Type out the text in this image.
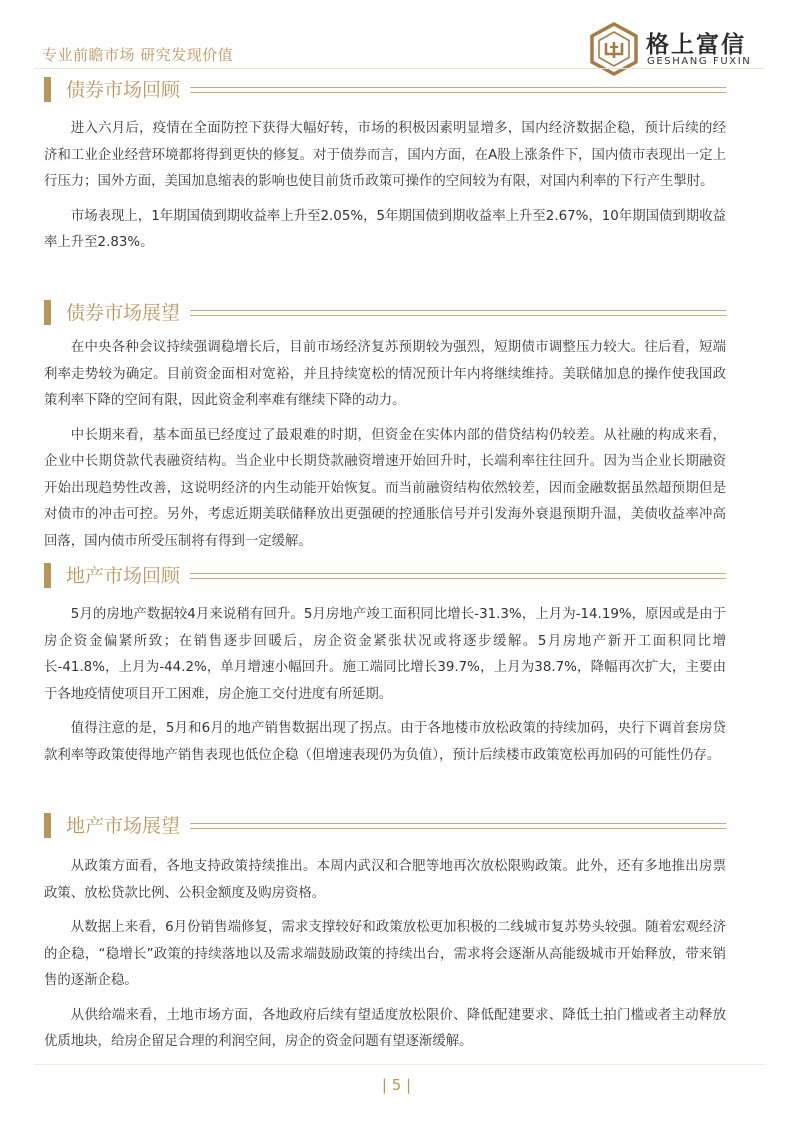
专业前瞻市场 研究发现价值	格上富信
GESHANG FUXIN
债券市场回顾

进入六月后，疫情在全面防控下获得大幅好转，市场的积极因素明显增多，国内经济数据企稳，预计后续的经济和工业企业经营环境都将得到更快的修复。对于债券而言，国内方面，在A股上涨条件下，国内债市表现出一定上行压力；国外方面，美国加息缩表的影响也使目前货币政策可操作的空间较为有限，对国内利率的下行产生掣肘。

市场表现上，1年期国债到期收益率上升至2.05%，5年期国债到期收益率上升至2.67%，10年期国债到期收益率上升至2.83%。

债券市场展望

在中央各种会议持续强调稳增长后，目前市场经济复苏预期较为强烈，短期债市调整压力较大。往后看，短端利率走势较为确定。目前资金面相对宽裕，并且持续宽松的情况预计年内将继续维持。美联储加息的操作使我国政策利率下降的空间有限，因此资金利率难有继续下降的动力。

中长期来看，基本面虽已经度过了最艰难的时期，但资金在实体内部的借贷结构仍较差。从社融的构成来看，企业中长期贷款代表融资结构。当企业中长期贷款融资增速开始回升时，长端利率往往回升。因为当企业长期融资开始出现趋势性改善，这说明经济的内生动能开始恢复。而当前融资结构依然较差，因而金融数据虽然超预期但是对债市的冲击可控。另外，考虑近期美联储释放出更强硬的控通胀信号并引发海外衰退预期升温，美债收益率冲高回落，国内债市所受压制将有得到一定缓解。

地产市场回顾

5月的房地产数据较4月来说稍有回升。5月房地产竣工面积同比增长-31.3%，上月为-14.19%，原因或是由于房企资金偏紧所致；在销售逐步回暖后，房企资金紧张状况或将逐步缓解。5月房地产新开工面积同比增长-41.8%，上月为-44.2%，单月增速小幅回升。施工端同比增长39.7%，上月为38.7%，降幅再次扩大，主要由于各地疫情使项目开工困难，房企施工交付进度有所延期。

值得注意的是，5月和6月的地产销售数据出现了拐点。由于各地楼市放松政策的持续加码，央行下调首套房贷款利率等政策使得地产销售表现也低位企稳（但增速表现仍为负值），预计后续楼市政策宽松再加码的可能性仍存。

地产市场展望

从政策方面看，各地支持政策持续推出。本周内武汉和合肥等地再次放松限购政策。此外，还有多地推出房票政策、放松贷款比例、公积金额度及购房资格。

从数据上来看，6月份销售端修复，需求支撑较好和政策放松更加积极的二线城市复苏势头较强。随着宏观经济的企稳，“稳增长”政策的持续落地以及需求端鼓励政策的持续出台，需求将会逐渐从高能级城市开始释放，带来销售的逐渐企稳。

从供给端来看，土地市场方面，各地政府后续有望适度放松限价、降低配建要求、降低土拍门槛或者主动释放优质地块，给房企留足合理的利润空间，房企的资金问题有望逐渐缓解。

| 5 |
